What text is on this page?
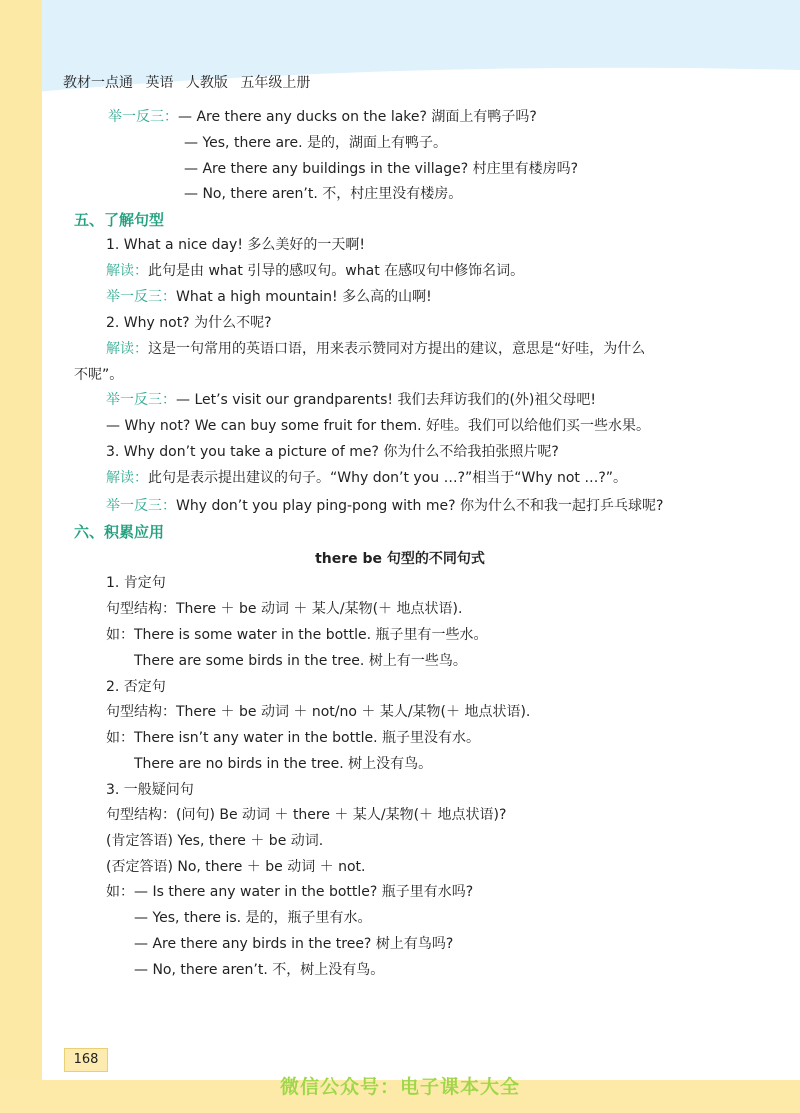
教材一点通 英语 人教版 五年级上册
举一反三：— Are there any ducks on the lake? 湖面上有鸭子吗?
— Yes, there are. 是的，湖面上有鸭子。
— Are there any buildings in the village? 村庄里有楼房吗?
— No, there aren’t. 不，村庄里没有楼房。
五、了解句型
1. What a nice day! 多么美好的一天啊!
解读：此句是由 what 引导的感叹句。what 在感叹句中修饰名词。
举一反三：What a high mountain! 多么高的山啊!
2. Why not? 为什么不呢?
解读：这是一句常用的英语口语，用来表示赞同对方提出的建议，意思是“好哇，为什么
不呢”。
举一反三：— Let’s visit our grandparents! 我们去拜访我们的(外)祖父母吧!
— Why not? We can buy some fruit for them. 好哇。我们可以给他们买一些水果。
3. Why don’t you take a picture of me? 你为什么不给我拍张照片呢?
解读：此句是表示提出建议的句子。“Why don’t you …?”相当于“Why not …?”。
举一反三：Why don’t you play ping-pong with me? 你为什么不和我一起打乒乓球呢?
六、积累应用
there be 句型的不同句式
1. 肯定句
句型结构：There ＋ be 动词 ＋ 某人/某物(＋ 地点状语).
如：There is some water in the bottle. 瓶子里有一些水。
There are some birds in the tree. 树上有一些鸟。
2. 否定句
句型结构：There ＋ be 动词 ＋ not/no ＋ 某人/某物(＋ 地点状语).
如：There isn’t any water in the bottle. 瓶子里没有水。
There are no birds in the tree. 树上没有鸟。
3. 一般疑问句
句型结构：(问句) Be 动词 ＋ there ＋ 某人/某物(＋ 地点状语)?
(肯定答语) Yes, there ＋ be 动词.
(否定答语) No, there ＋ be 动词 ＋ not.
如：— Is there any water in the bottle? 瓶子里有水吗?
— Yes, there is. 是的，瓶子里有水。
— Are there any birds in the tree? 树上有鸟吗?
— No, there aren’t. 不，树上没有鸟。
168
微信公众号：电子课本大全
